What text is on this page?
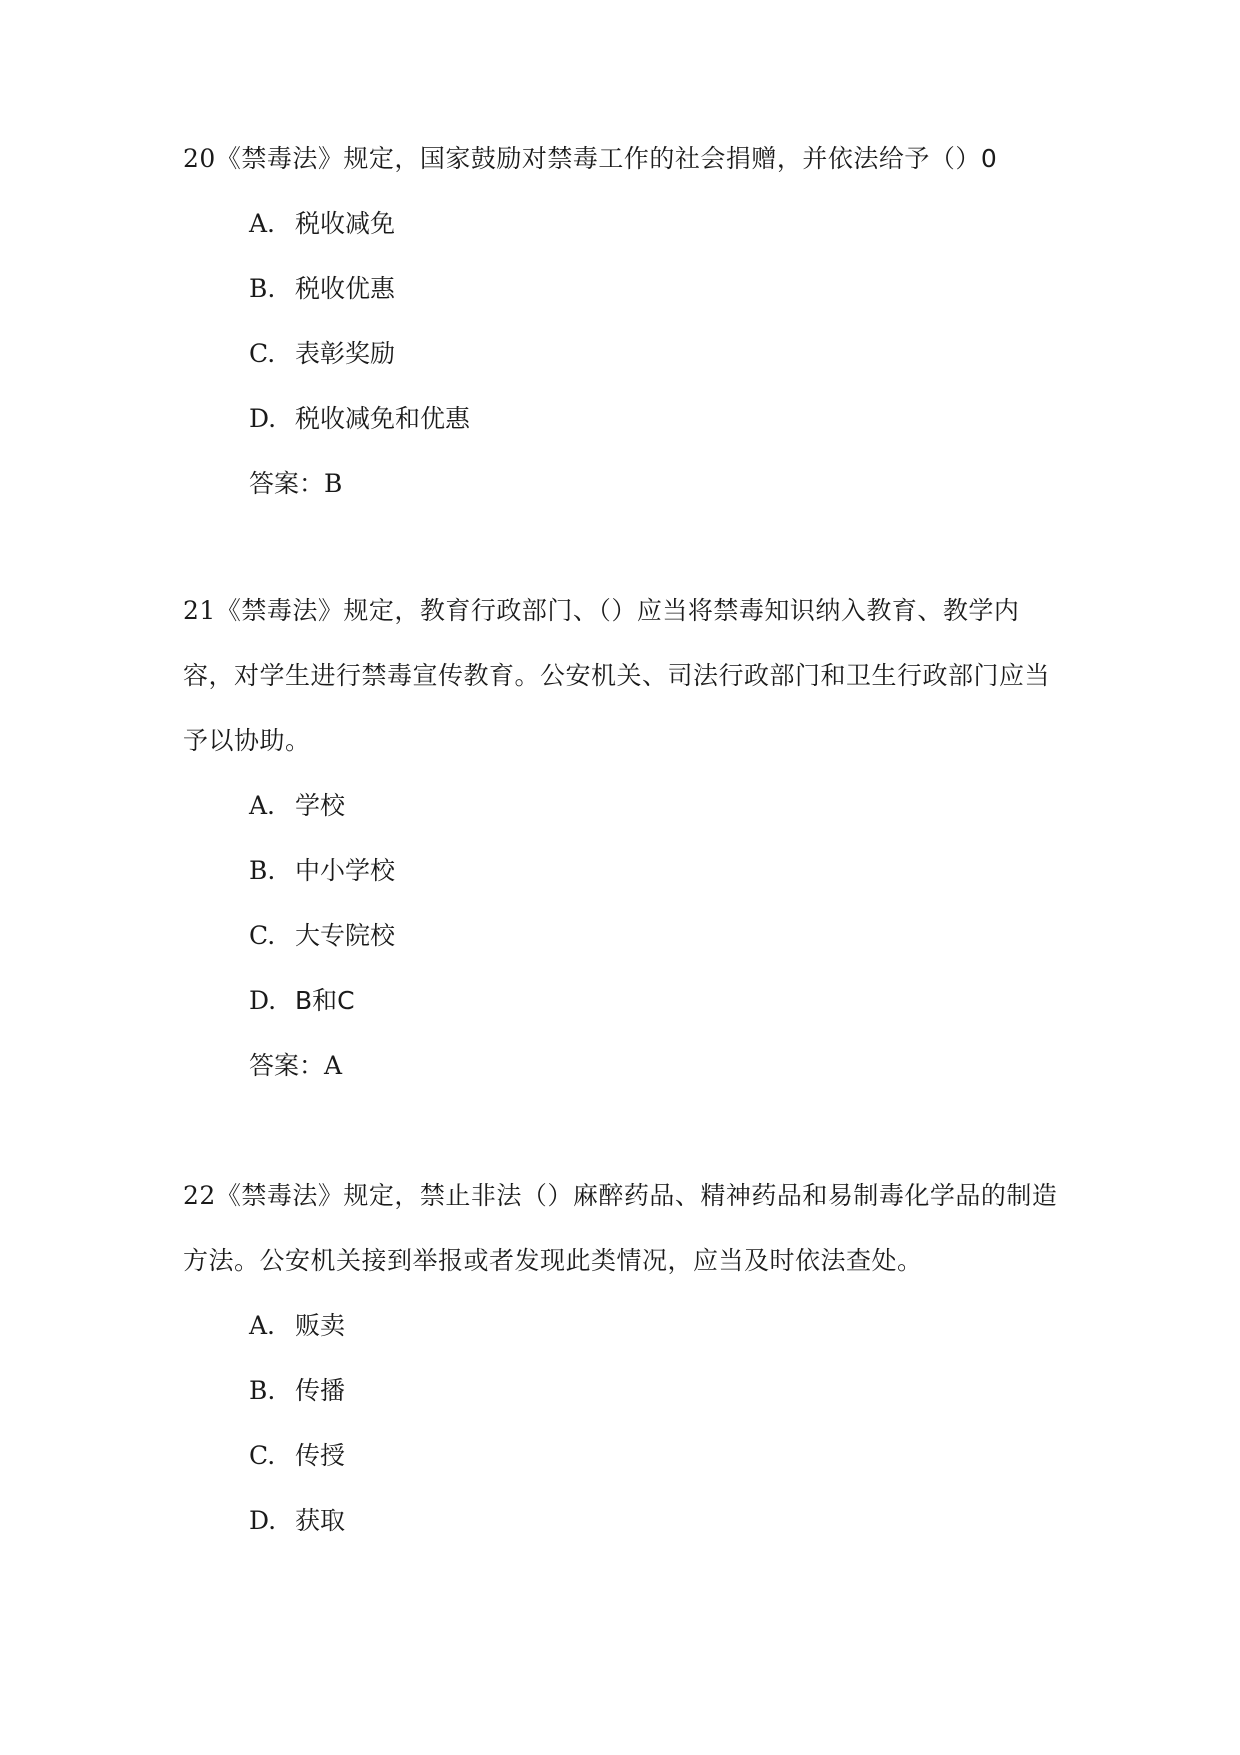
20《禁毒法》规定，国家鼓励对禁毒工作的社会捐赠，并依法给予（）0

A. 税收减免
B. 税收优惠
C. 表彰奖励
D. 税收减免和优惠
答案：B

21《禁毒法》规定，教育行政部门、（）应当将禁毒知识纳入教育、教学内容，对学生进行禁毒宣传教育。公安机关、司法行政部门和卫生行政部门应当予以协助。

A. 学校
B. 中小学校
C. 大专院校
D. B和C
答案：A

22《禁毒法》规定，禁止非法（）麻醉药品、精神药品和易制毒化学品的制造方法。公安机关接到举报或者发现此类情况，应当及时依法查处。

A. 贩卖
B. 传播
C. 传授
D. 获取
